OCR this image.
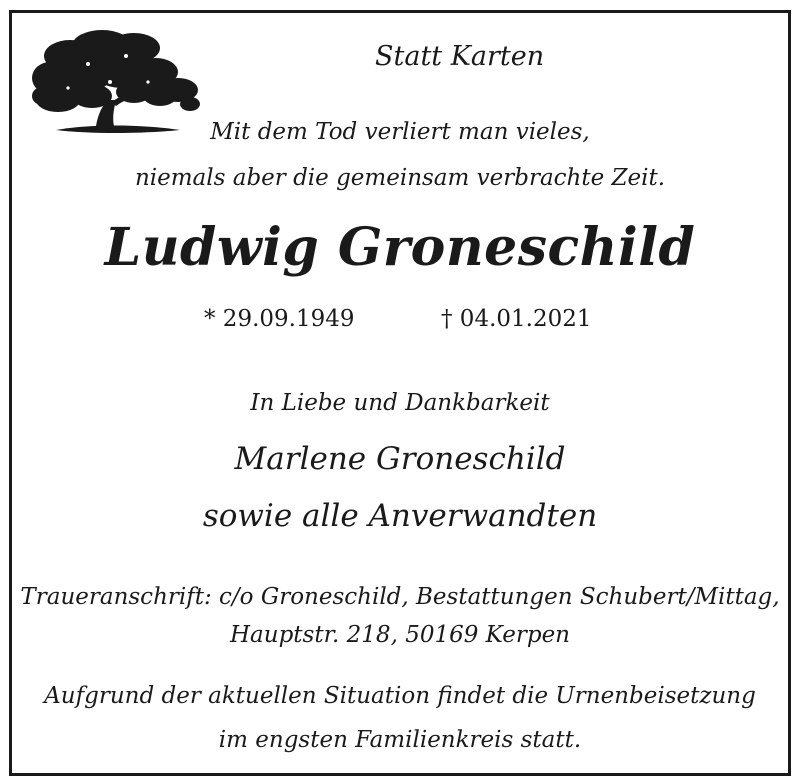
Statt Karten
Mit dem Tod verliert man vieles,
niemals aber die gemeinsam verbrachte Zeit.
Ludwig Groneschild
* 29.09.1949	† 04.01.2021
In Liebe und Dankbarkeit
Marlene Groneschild
sowie alle Anverwandten
Traueranschrift: c/o Groneschild, Bestattungen Schubert/Mittag,
Hauptstr. 218, 50169 Kerpen
Aufgrund der aktuellen Situation findet die Urnenbeisetzung
im engsten Familienkreis statt.
